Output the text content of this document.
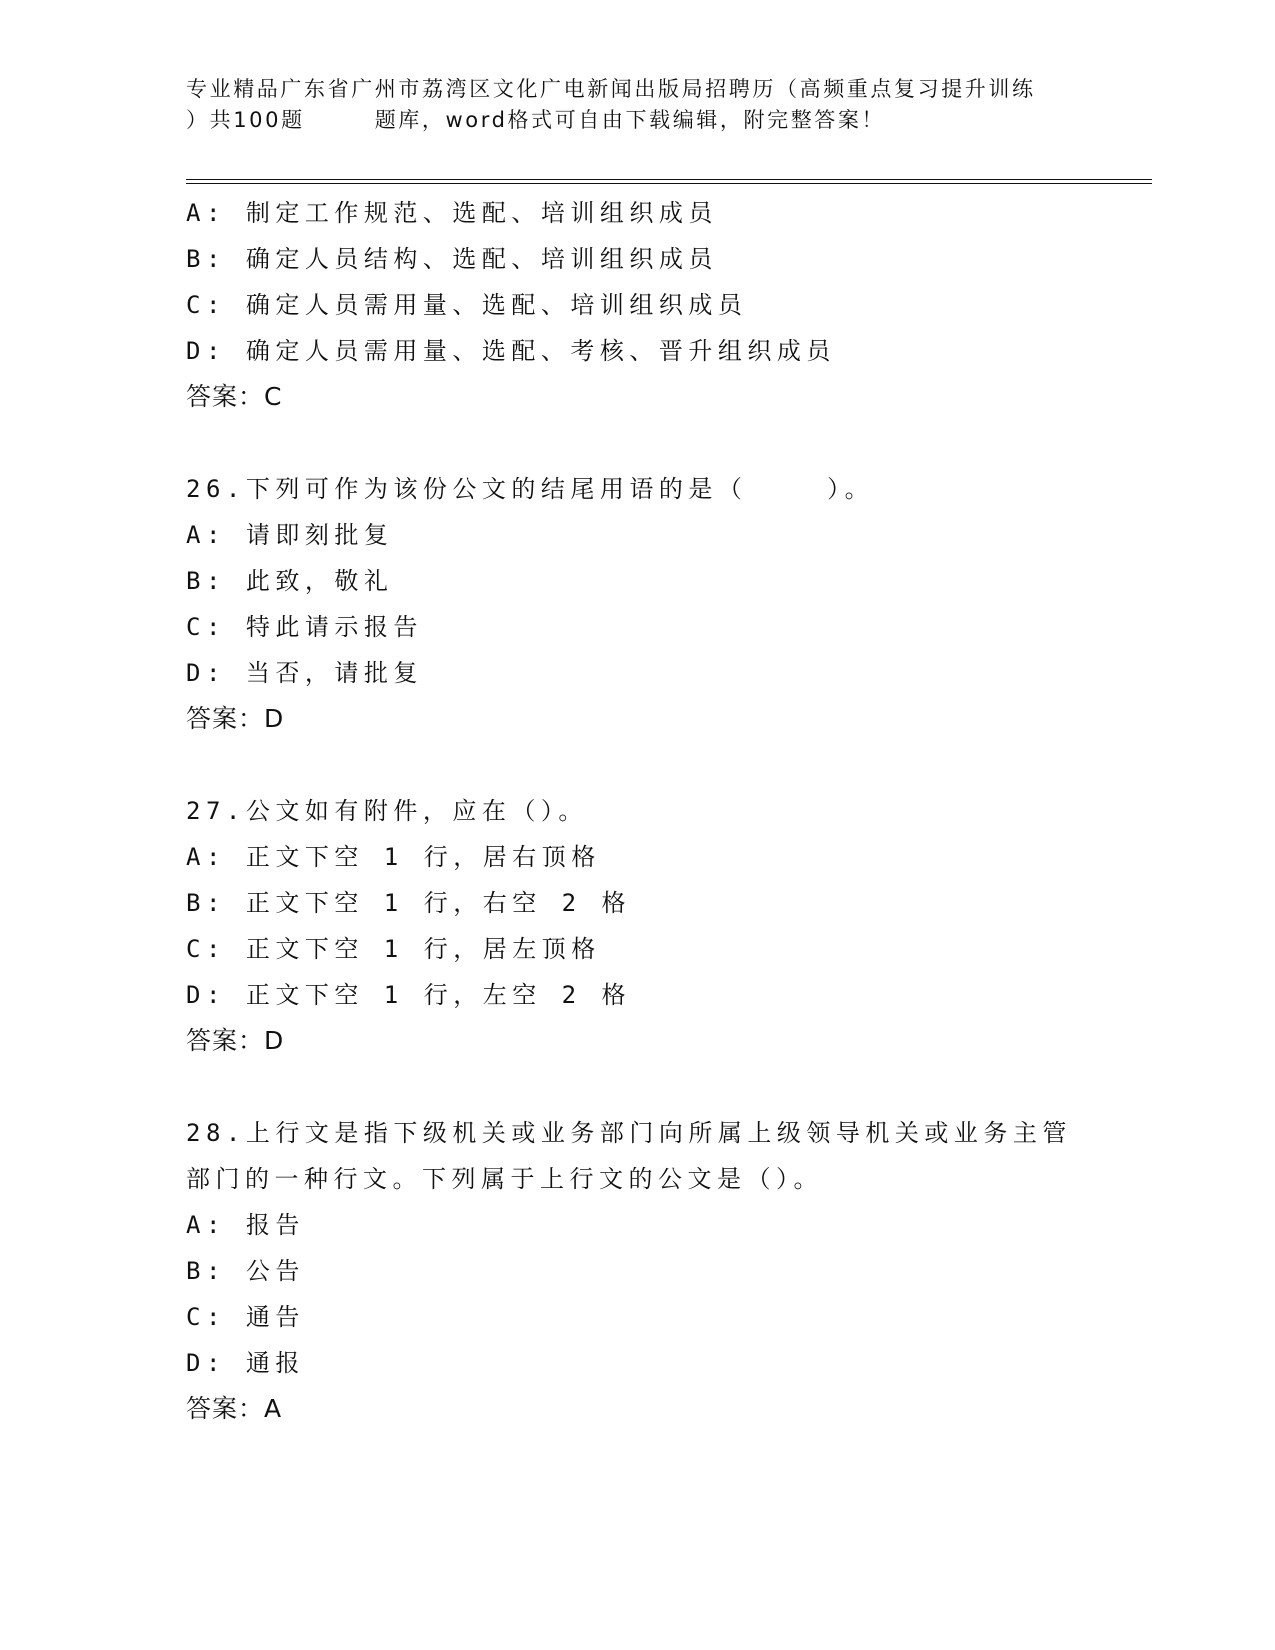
专业精品广东省广州市荔湾区文化广电新闻出版局招聘历（高频重点复习提升训练
）共100题	题库，word格式可自由下载编辑，附完整答案！
A: 制定工作规范、选配、培训组织成员
B: 确定人员结构、选配、培训组织成员
C: 确定人员需用量、选配、培训组织成员
D: 确定人员需用量、选配、考核、晋升组织成员
答案：C
26.下列可作为该份公文的结尾用语的是（    ）。
A: 请即刻批复
B: 此致，敬礼
C: 特此请示报告
D: 当否，请批复
答案：D
27.公文如有附件，应在（）。
A: 正文下空 1 行，居右顶格
B: 正文下空 1 行，右空 2 格
C: 正文下空 1 行，居左顶格
D: 正文下空 1 行，左空 2 格
答案：D
28.上行文是指下级机关或业务部门向所属上级领导机关或业务主管部门的一种行文。下列属于上行文的公文是（）。
A: 报告
B: 公告
C: 通告
D: 通报
答案：A
